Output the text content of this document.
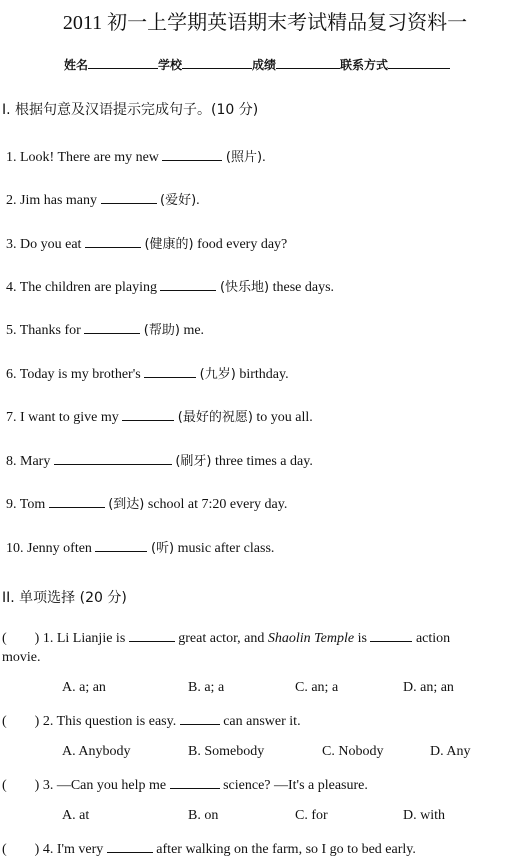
2011 初一上学期英语期末考试精品复习资料一
姓名	学校	成绩	联系方式
I. 根据句意及汉语提示完成句子。(10 分)
1. Look! There are my new	(照片).
2. Jim has many	(爱好).
3. Do you eat	(健康的) food every day?
4. The children are playing	(快乐地) these days.
5. Thanks for	(帮助) me.
6. Today is my brother's	(九岁) birthday.
7. I want to give my	(最好的祝愿) to you all.
8. Mary	(刷牙) three times a day.
9. Tom	(到达) school at 7:20 every day.
10. Jenny often	(听) music after class.
II. 单项选择 (20 分)
( ) 1. Li Lianjie is	great actor, and Shaolin Temple is	action
movie.
A. a; an	B. a; a	C. an; a	D. an; an
( ) 2. This question is easy.	can answer it.
A. Anybody	B. Somebody	C. Nobody	D. Any
( ) 3. —Can you help me	science? —It's a pleasure.
A. at	B. on	C. for	D. with
( ) 4. I'm very	after walking on the farm, so I go to bed early.
